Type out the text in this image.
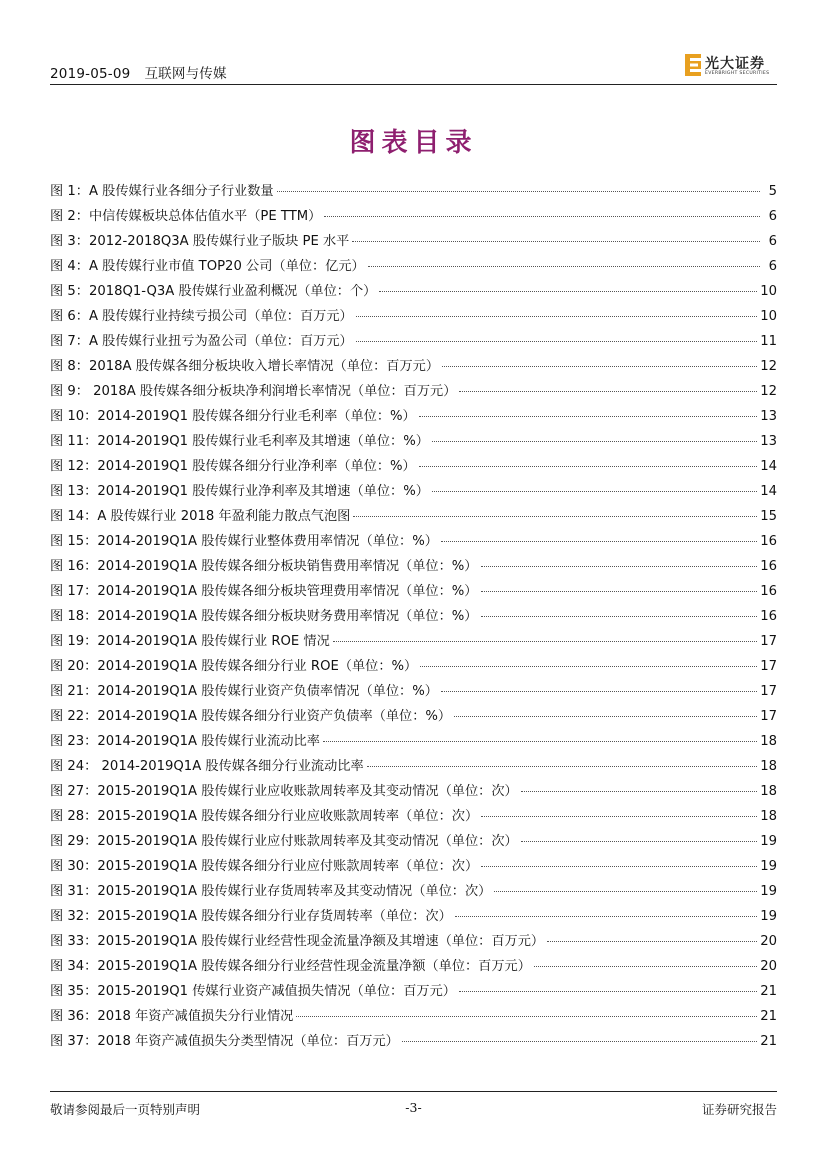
2019-05-09 互联网与传媒
光大证券
EVERBRIGHT SECURITIES
图表目录
图 1：A 股传媒行业各细分子行业数量	5
图 2：中信传媒板块总体估值水平（PE TTM）	6
图 3：2012-2018Q3A 股传媒行业子版块 PE 水平	6
图 4：A 股传媒行业市值 TOP20 公司（单位：亿元）	6
图 5：2018Q1-Q3A 股传媒行业盈利概况（单位：个）	10
图 6：A 股传媒行业持续亏损公司（单位：百万元）	10
图 7：A 股传媒行业扭亏为盈公司（单位：百万元）	11
图 8：2018A 股传媒各细分板块收入增长率情况（单位：百万元）	12
图 9： 2018A 股传媒各细分板块净利润增长率情况（单位：百万元）	12
图 10：2014-2019Q1 股传媒各细分行业毛利率（单位：%）	13
图 11：2014-2019Q1 股传媒行业毛利率及其增速（单位：%）	13
图 12：2014-2019Q1 股传媒各细分行业净利率（单位：%）	14
图 13：2014-2019Q1 股传媒行业净利率及其增速（单位：%）	14
图 14：A 股传媒行业 2018 年盈利能力散点气泡图	15
图 15：2014-2019Q1A 股传媒行业整体费用率情况（单位：%）	16
图 16：2014-2019Q1A 股传媒各细分板块销售费用率情况（单位：%）	16
图 17：2014-2019Q1A 股传媒各细分板块管理费用率情况（单位：%）	16
图 18：2014-2019Q1A 股传媒各细分板块财务费用率情况（单位：%）	16
图 19：2014-2019Q1A 股传媒行业 ROE 情况	17
图 20：2014-2019Q1A 股传媒各细分行业 ROE（单位：%）	17
图 21：2014-2019Q1A 股传媒行业资产负债率情况（单位：%）	17
图 22：2014-2019Q1A 股传媒各细分行业资产负债率（单位：%）	17
图 23：2014-2019Q1A 股传媒行业流动比率	18
图 24： 2014-2019Q1A 股传媒各细分行业流动比率	18
图 27：2015-2019Q1A 股传媒行业应收账款周转率及其变动情况（单位：次）	18
图 28：2015-2019Q1A 股传媒各细分行业应收账款周转率（单位：次）	18
图 29：2015-2019Q1A 股传媒行业应付账款周转率及其变动情况（单位：次）	19
图 30：2015-2019Q1A 股传媒各细分行业应付账款周转率（单位：次）	19
图 31：2015-2019Q1A 股传媒行业存货周转率及其变动情况（单位：次）	19
图 32：2015-2019Q1A 股传媒各细分行业存货周转率（单位：次）	19
图 33：2015-2019Q1A 股传媒行业经营性现金流量净额及其增速（单位：百万元）	20
图 34：2015-2019Q1A 股传媒各细分行业经营性现金流量净额（单位：百万元）	20
图 35：2015-2019Q1 传媒行业资产减值损失情况（单位：百万元）	21
图 36：2018 年资产减值损失分行业情况	21
图 37：2018 年资产减值损失分类型情况（单位：百万元）	21
敬请参阅最后一页特别声明	-3-	证券研究报告
